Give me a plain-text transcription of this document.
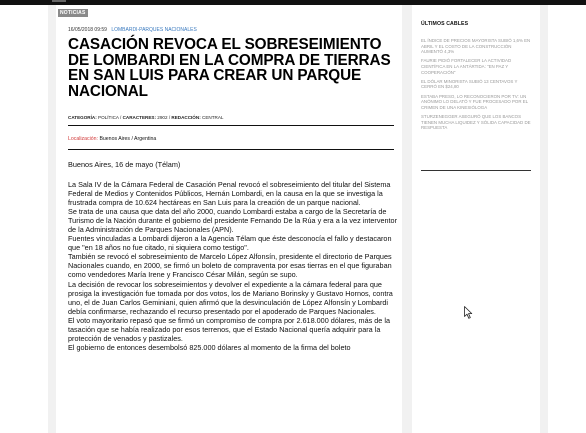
NOTICIAS
16/05/2018 09:59 LOMBARDI-PARQUES NACIONALES
CASACIÓN REVOCA EL SOBRESEIMIENTO DE LOMBARDI EN LA COMPRA DE TIERRAS EN SAN LUIS PARA CREAR UN PARQUE NACIONAL
CATEGORÍA: POLÍTICA / CARACTERES: 2902 / REDACCIÓN: CENTRAL
Localización: Buenos Aires / Argentina
Buenos Aires, 16 de mayo (Télam)

La Sala IV de la Cámara Federal de Casación Penal revocó el sobreseimiento del titular del Sistema Federal de Medios y Contenidos Públicos, Hernán Lombardi, en la causa en la que se investiga la frustrada compra de 10.624 hectáreas en San Luis para la creación de un parque nacional.

Se trata de una causa que data del año 2000, cuando Lombardi estaba a cargo de la Secretaría de Turismo de la Nación durante el gobierno del presidente Fernando De la Rúa y era a la vez interventor de la Administración de Parques Nacionales (APN).

Fuentes vinculadas a Lombardi dijeron a la Agencia Télam que éste desconocía el fallo y destacaron que "en 18 años no fue citado, ni siquiera como testigo".

También se revocó el sobreseimiento de Marcelo López Alfonsín, presidente el directorio de Parques Nacionales cuando, en 2000, se firmó un boleto de compraventa por esas tierras en el que figuraban como vendedores María Irene y Francisco César Milán, según se supo.

La decisión de revocar los sobreseimientos y devolver el expediente a la cámara federal para que prosiga la investigación fue tomada por dos votos, los de Mariano Borinsky y Gustavo Hornos, contra uno, el de Juan Carlos Geminiani, quien afirmó que la desvinculación de López Alfonsín y Lombardi debía confirmarse, rechazando el recurso presentado por el apoderado de Parques Nacionales.

El voto mayoritario repasó que se firmó un compromiso de compra por 2.618.000 dólares, más de la tasación que se había realizado por esos terrenos, que el Estado Nacional quería adquirir para la protección de venados y pastizales.

El gobierno de entonces desembolsó 825.000 dólares al momento de la firma del boleto

ÚLTIMOS CABLES
EL ÍNDICE DE PRECIOS MAYORISTA SUBIÓ 1,6% EN ABRIL Y EL COSTO DE LA CONSTRUCCIÓN AUMENTÓ 4,3%
FAURIE PIDIÓ FORTALECER LA ACTIVIDAD CIENTÍFICA EN LA ANTÁRTIDA: "EN PAZ Y COOPERACIÓN"
EL DÓLAR MINORISTA SUBIÓ 13 CENTAVOS Y CERRÓ EN $24,80
ESTABA PRESO, LO RECONOCIERON POR TV: UN ANÓNIMO LO DELATÓ Y FUE PROCESADO POR EL CRIMEN DE UNA KINESIÓLOGA
STURZENEGGER ASEGURÓ QUE LOS BANCOS TIENEN MUCHA LIQUIDEZ Y SÓLIDA CAPACIDAD DE RESPUESTA
